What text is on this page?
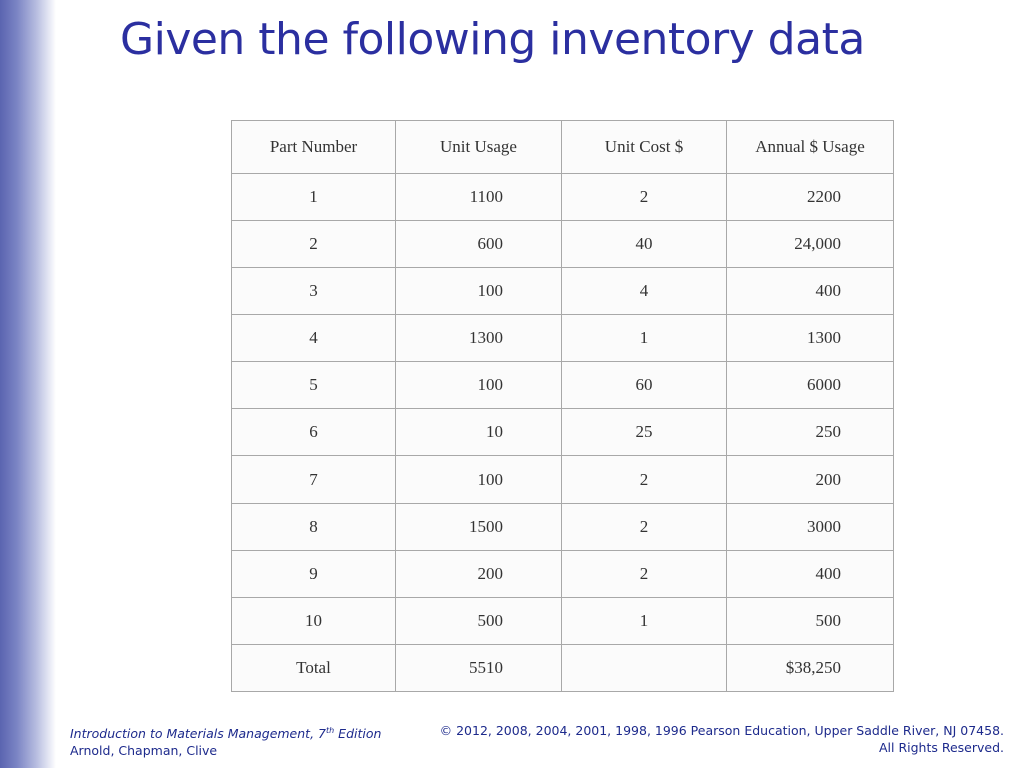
Given the following inventory data
Part Number	Unit Usage	Unit Cost $	Annual $ Usage
1	1100	2	2200
2	600	40	24,000
3	100	4	400
4	1300	1	1300
5	100	60	6000
6	10	25	250
7	100	2	200
8	1500	2	3000
9	200	2	400
10	500	1	500
Total	5510		$38,250
Introduction to Materials Management, 7th Edition
Arnold, Chapman, Clive
© 2012, 2008, 2004, 2001, 1998, 1996 Pearson Education, Upper Saddle River, NJ 07458.
All Rights Reserved.
